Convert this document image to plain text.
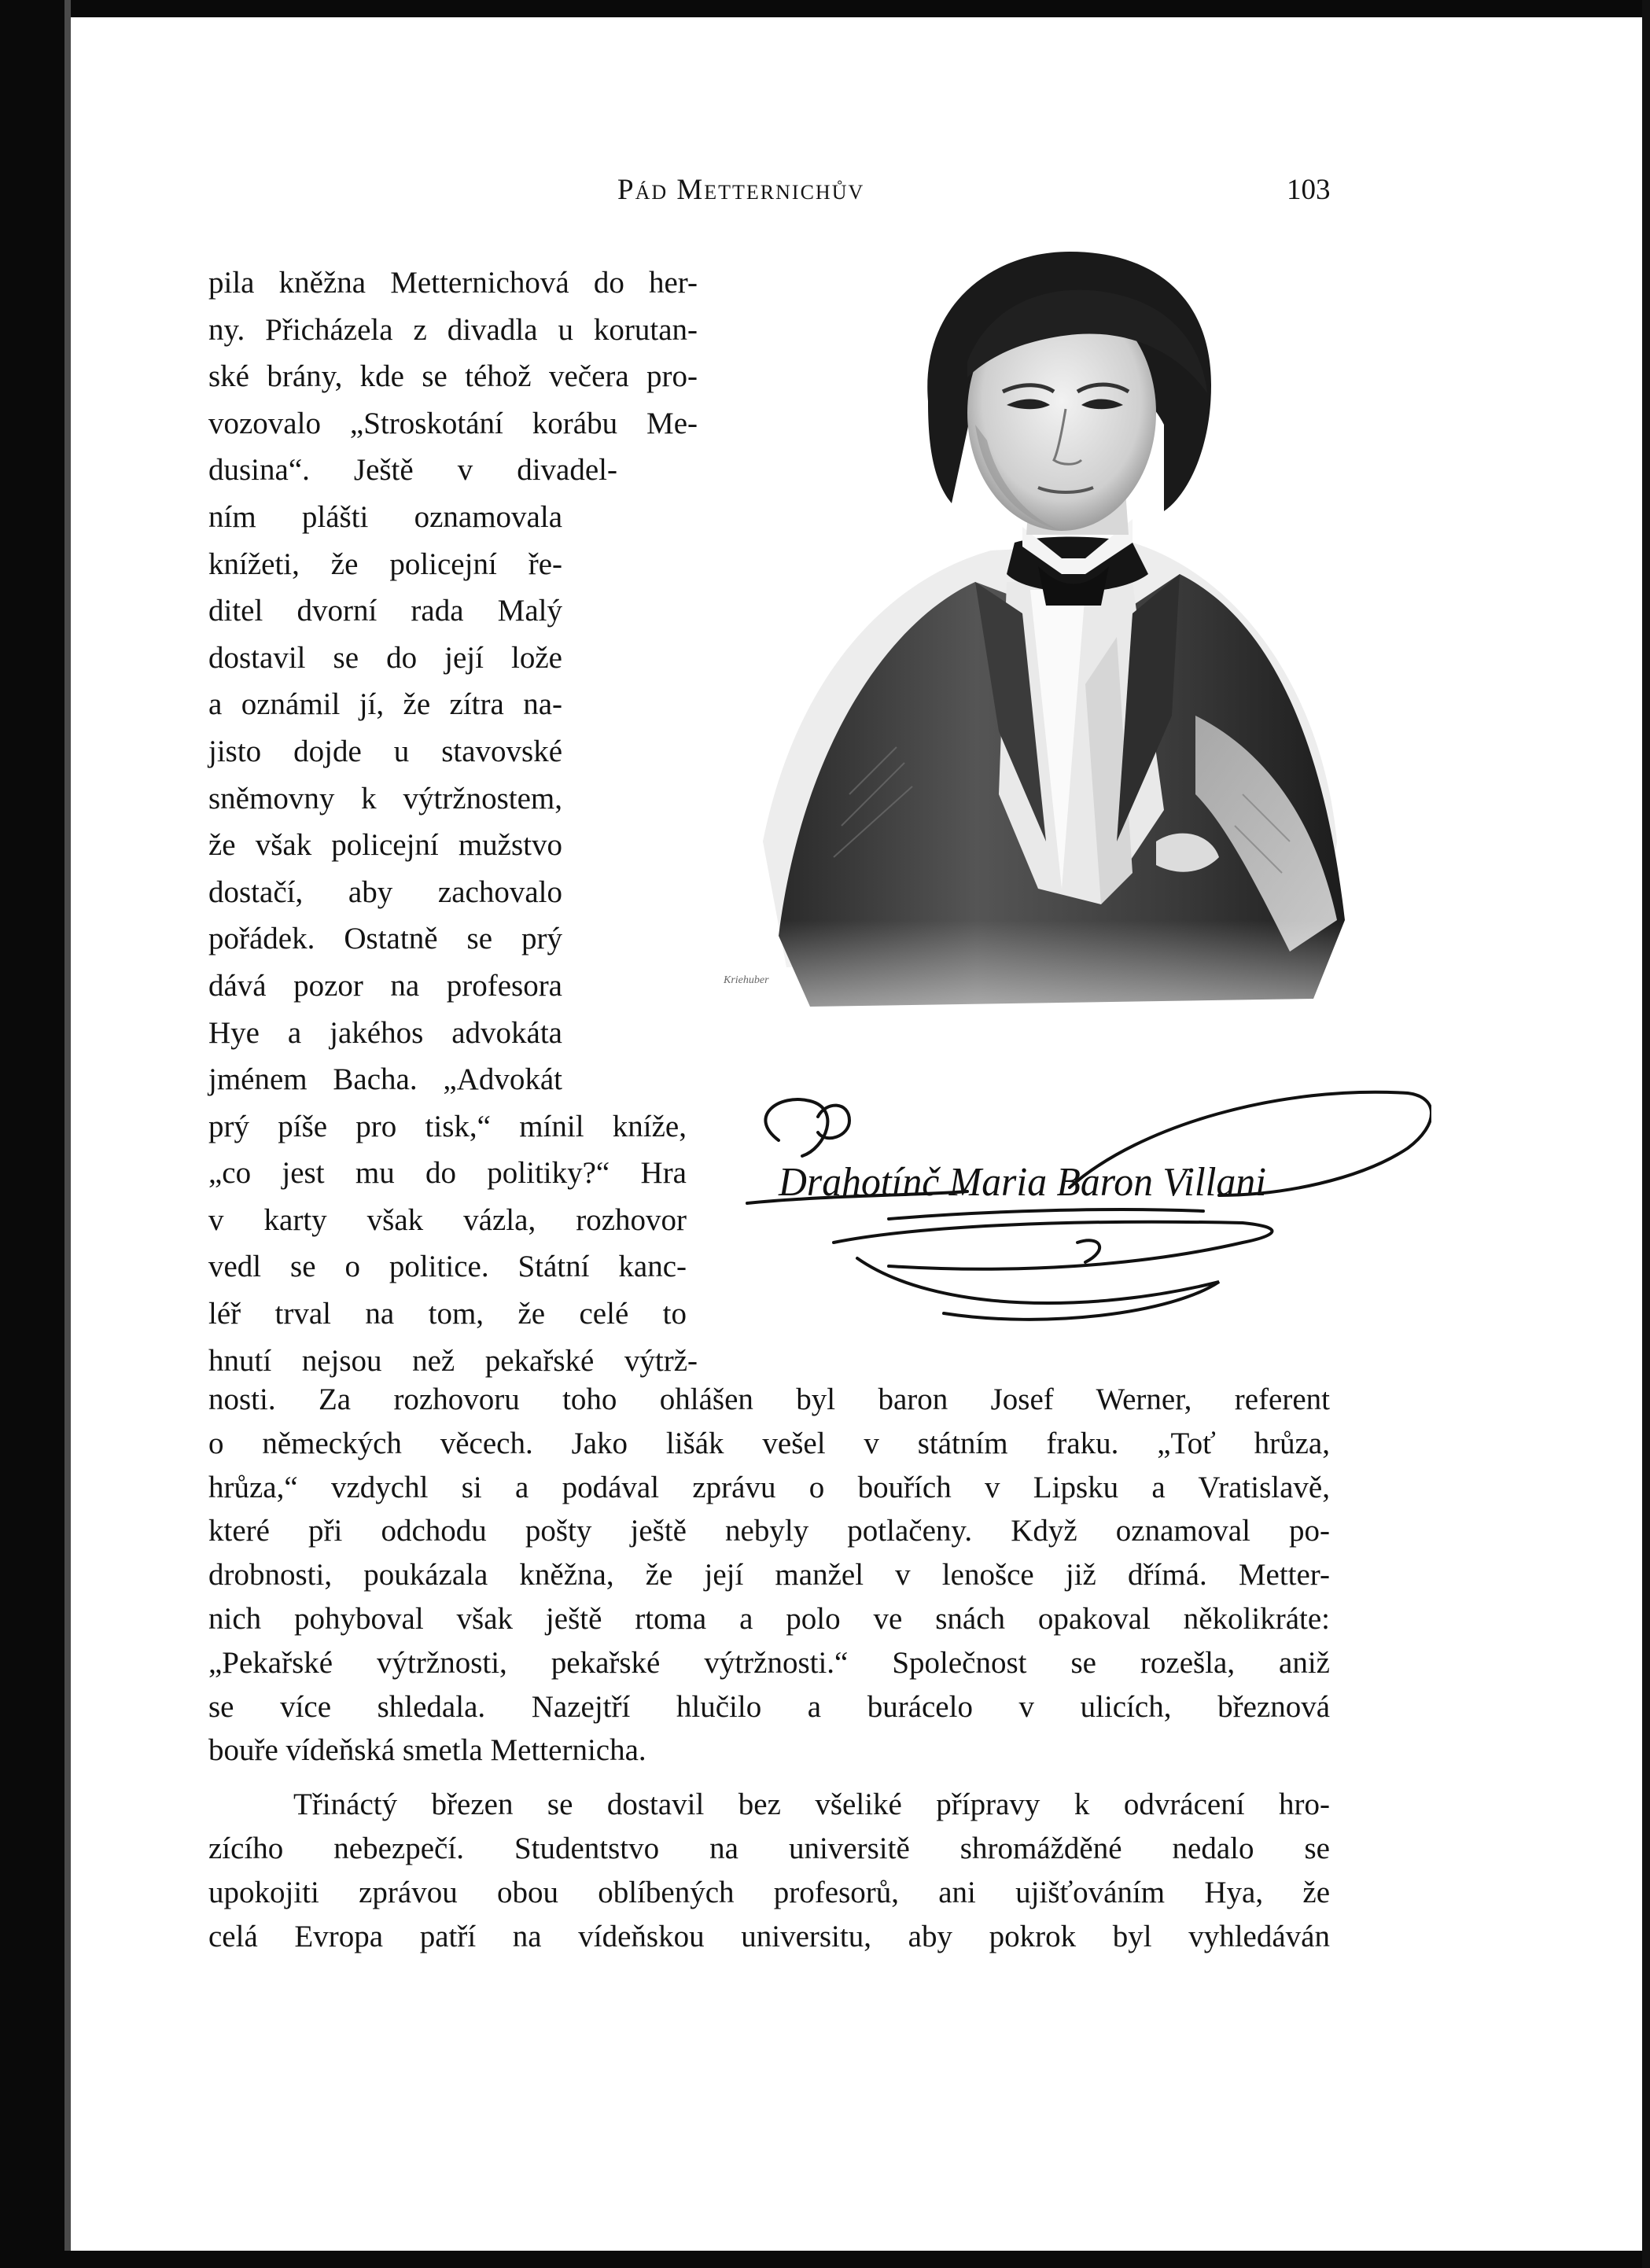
Pád Metternichův	103
pila kněžna Metternichová do her-
ny. Přicházela z divadla u korutan-
ské brány, kde se téhož večera pro-
vozovalo „Stroskotání korábu Me-
dusina“. Ještě v divadel-
ním plášti oznamovala
knížeti, že policejní ře-
ditel dvorní rada Malý
dostavil se do její lože
a oznámil jí, že zítra na-
jisto dojde u stavovské
sněmovny k výtržnostem,
že však policejní mužstvo
dostačí, aby zachovalo
pořádek. Ostatně se prý
dává pozor na profesora
Hye a jakéhos advokáta
jménem Bacha. „Advokát
prý píše pro tisk,“ mínil kníže,
„co jest mu do politiky?“ Hra
v karty však vázla, rozhovor
vedl se o politice. Státní kanc-
léř trval na tom, že celé to
hnutí nejsou než pekařské výtrž-
nosti. Za rozhovoru toho ohlášen byl baron Josef Werner, referent
o německých věcech. Jako lišák vešel v státním fraku. „Toť hrůza,
hrůza,“ vzdychl si a podával zprávu o bouřích v Lipsku a Vratislavě,
které při odchodu pošty ještě nebyly potlačeny. Když oznamoval po-
drobnosti, poukázala kněžna, že její manžel v lenošce již dřímá. Metter-
nich pohyboval však ještě rtoma a polo ve snách opakoval několikráte:
„Pekařské výtržnosti, pekařské výtržnosti.“ Společnost se rozešla, aniž
se více shledala. Nazejtří hlučilo a burácelo v ulicích, březnová
bouře vídeňská smetla Metternicha.
Třináctý březen se dostavil bez všeliké přípravy k odvrácení hro-
zícího nebezpečí. Studentstvo na universitě shromážděné nedalo se
upokojiti zprávou obou oblíbených profesorů, ani ujišťováním Hya, že
celá Evropa patří na vídeňskou universitu, aby pokrok byl vyhledáván
Kriehuber
Drahotínč Maria Baron Villani
